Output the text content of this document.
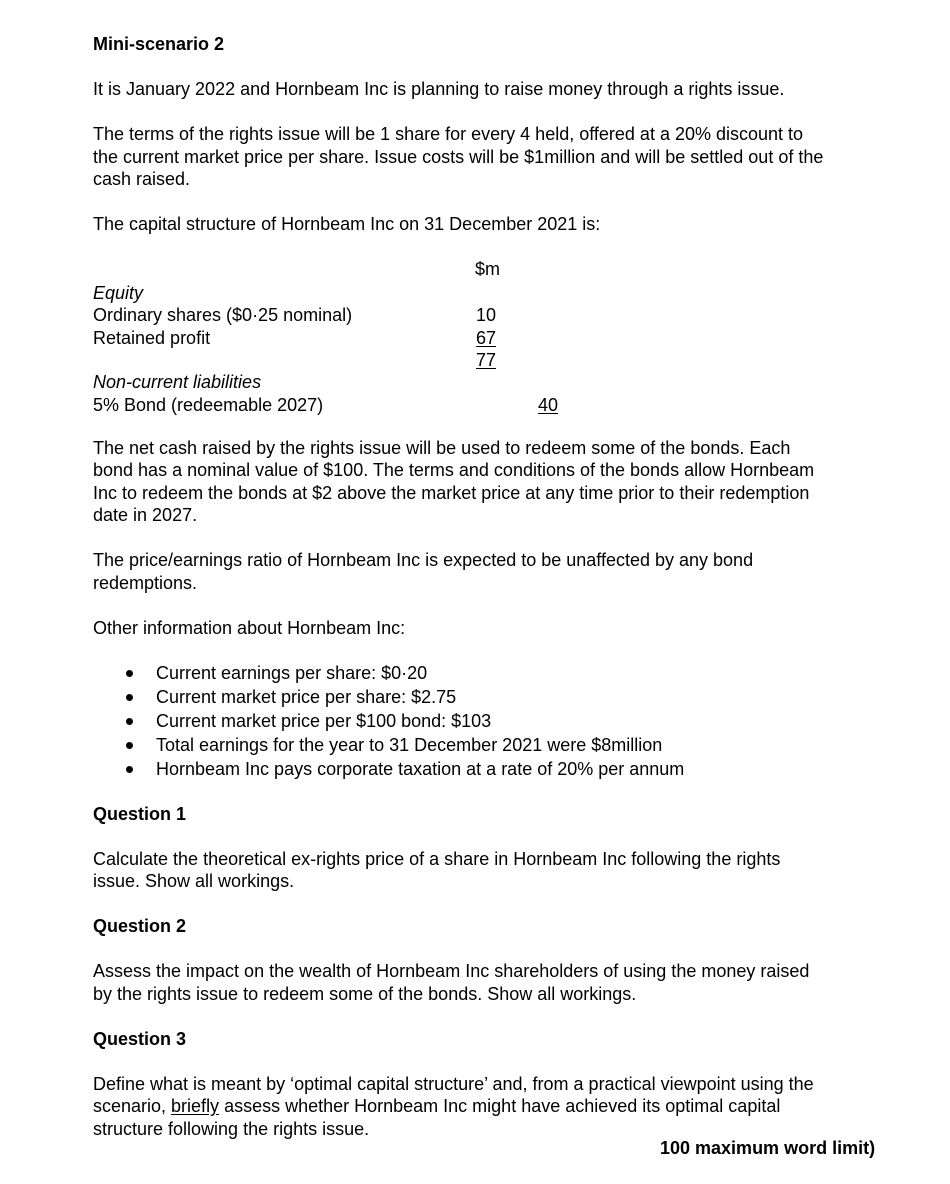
Mini-scenario 2

It is January 2022 and Hornbeam Inc is planning to raise money through a rights issue.

The terms of the rights issue will be 1 share for every 4 held, offered at a 20% discount to

the current market price per share. Issue costs will be $1million and will be settled out of the

cash raised.

The capital structure of Hornbeam Inc on 31 December 2021 is:

$m
Equity
Ordinary shares ($0·25 nominal)	10
Retained profit	67
77
Non-current liabilities
5% Bond (redeemable 2027)	40

The net cash raised by the rights issue will be used to redeem some of the bonds. Each

bond has a nominal value of $100. The terms and conditions of the bonds allow Hornbeam

Inc to redeem the bonds at $2 above the market price at any time prior to their redemption

date in 2027.

The price/earnings ratio of Hornbeam Inc is expected to be unaffected by any bond

redemptions.

Other information about Hornbeam Inc:

Current earnings per share: $0·20
Current market price per share: $2.75
Current market price per $100 bond: $103
Total earnings for the year to 31 December 2021 were $8million
Hornbeam Inc pays corporate taxation at a rate of 20% per annum

Question 1

Calculate the theoretical ex-rights price of a share in Hornbeam Inc following the rights

issue. Show all workings.

Question 2

Assess the impact on the wealth of Hornbeam Inc shareholders of using the money raised

by the rights issue to redeem some of the bonds. Show all workings.

Question 3

Define what is meant by ‘optimal capital structure’ and, from a practical viewpoint using the

scenario, briefly assess whether Hornbeam Inc might have achieved its optimal capital

structure following the rights issue.

100 maximum word limit)
